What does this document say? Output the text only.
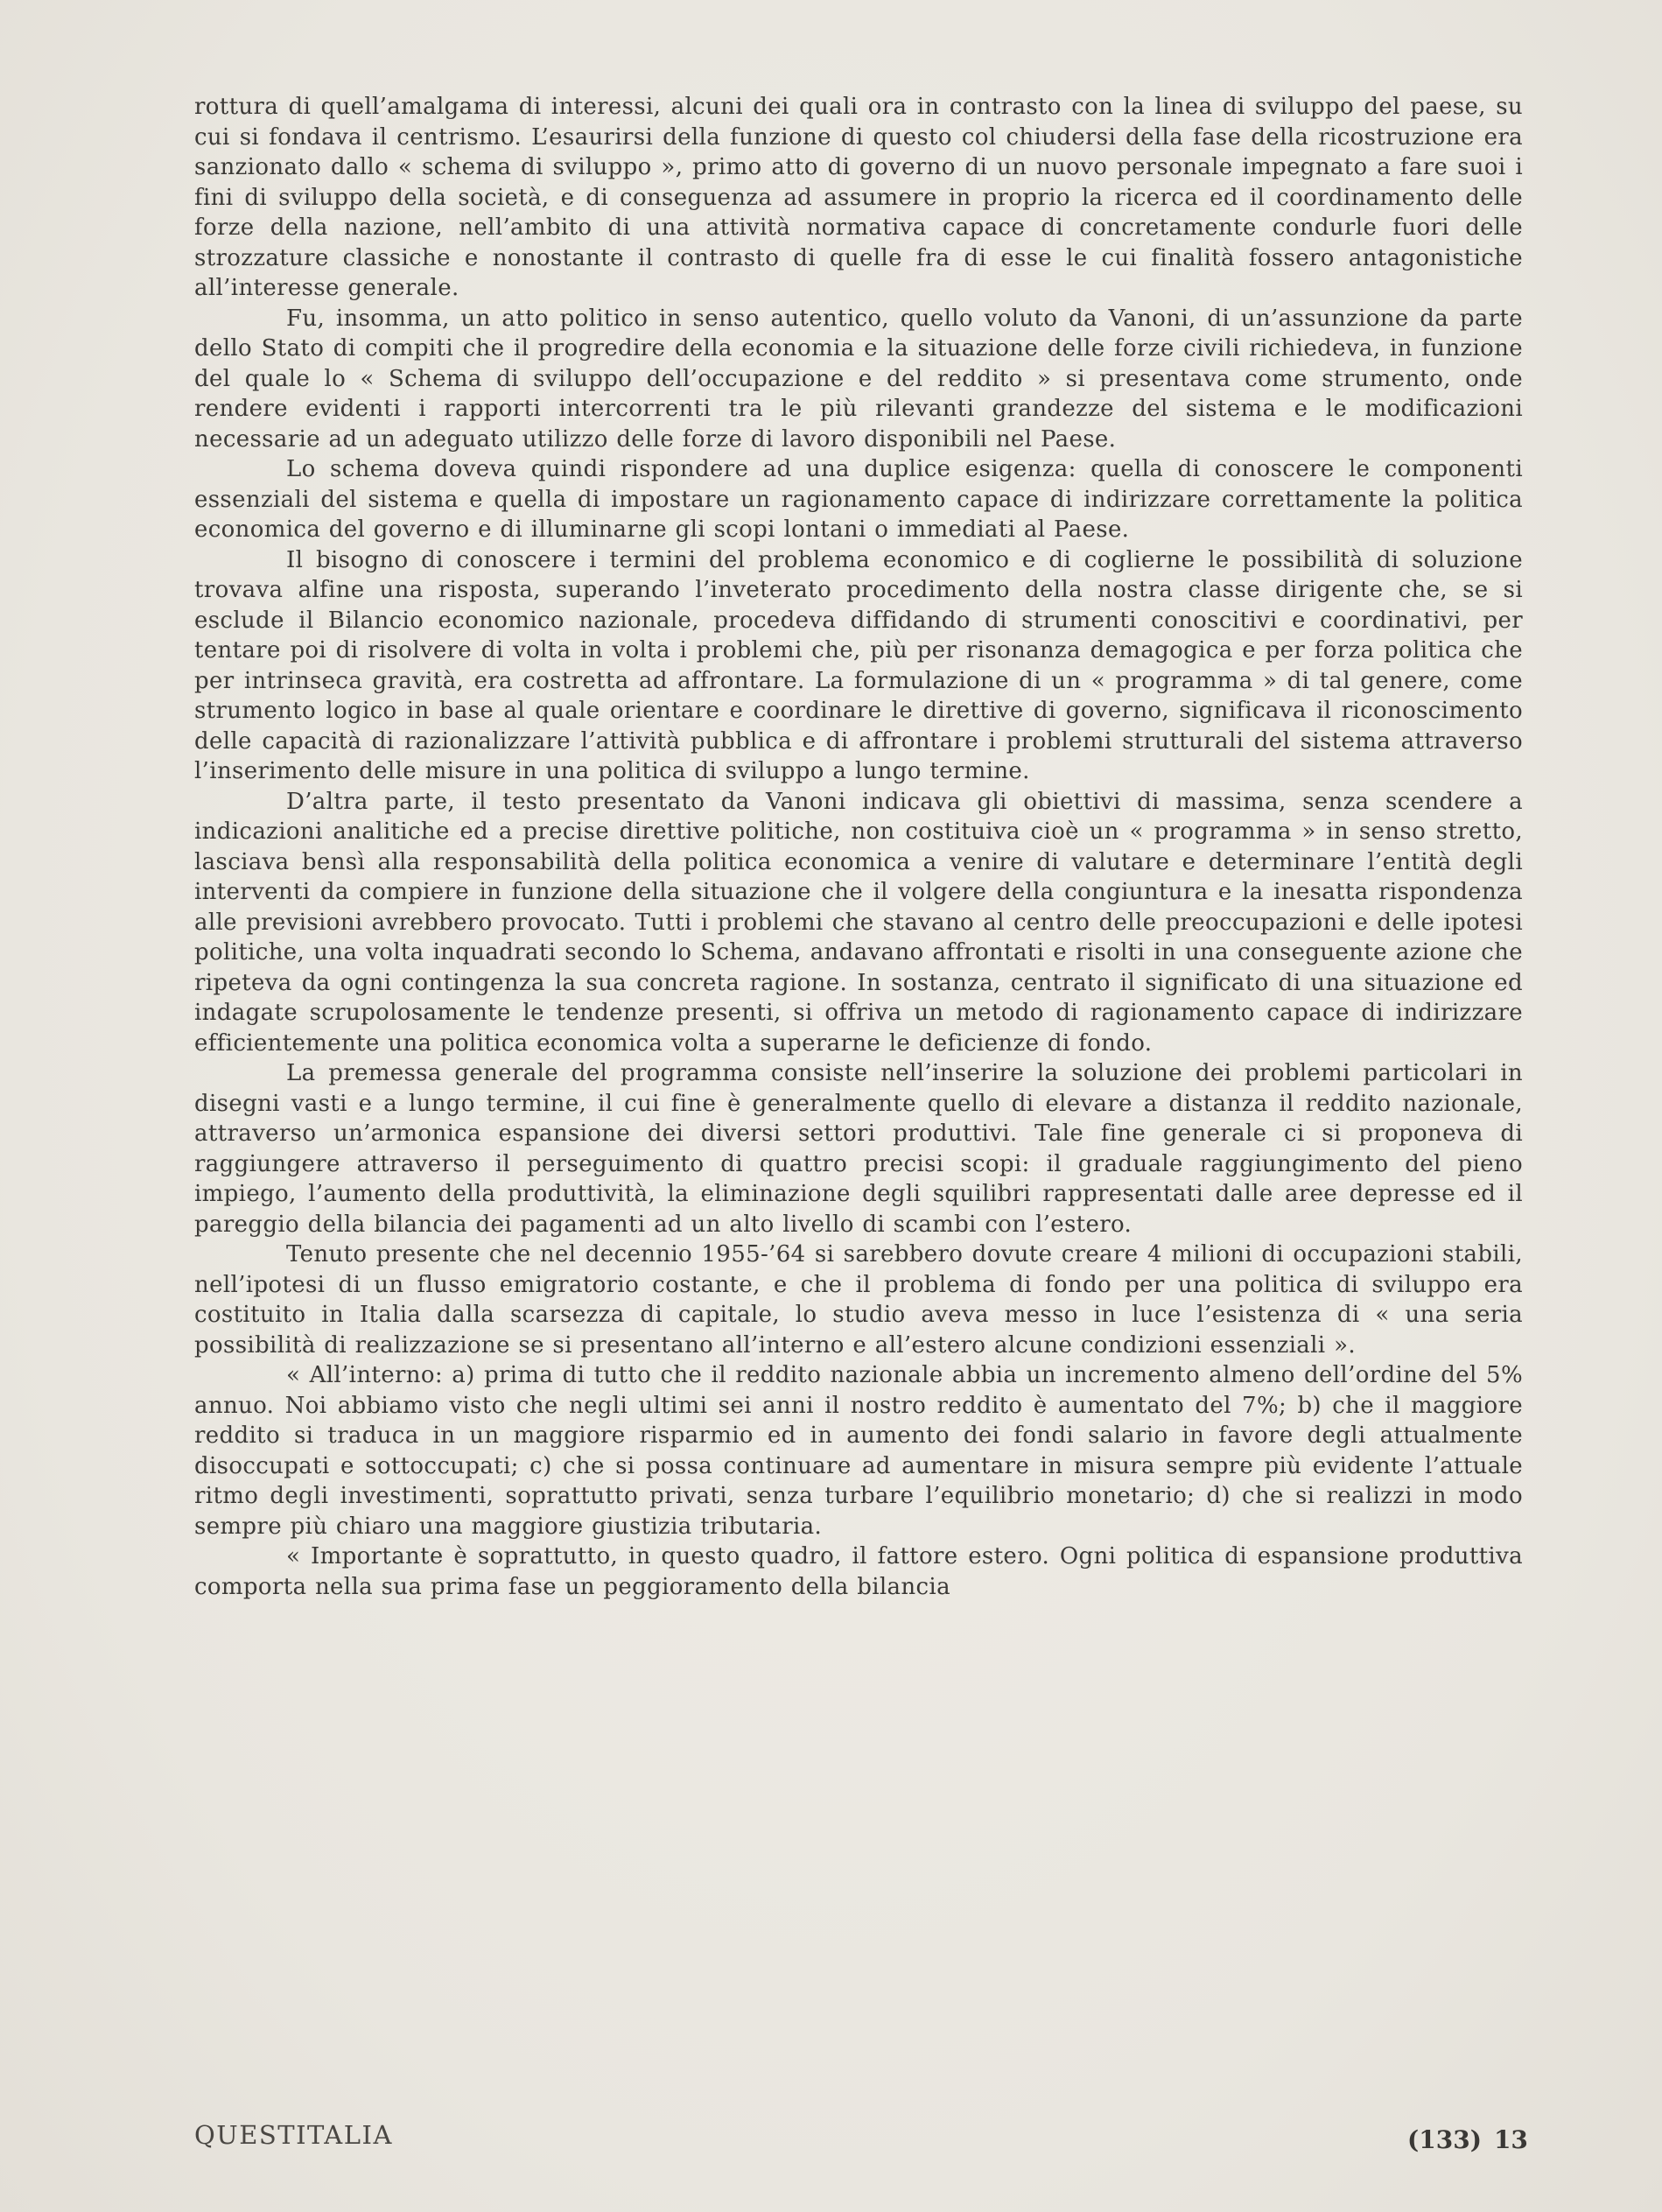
rottura di quell’amalgama di interessi, alcuni dei quali ora in contrasto con la linea di sviluppo del paese, su cui si fondava il centrismo. L’esaurirsi della funzione di questo col chiudersi della fase della ricostruzione era sanzionato dallo « schema di sviluppo », primo atto di governo di un nuovo personale impegnato a fare suoi i fini di sviluppo della società, e di conseguenza ad assumere in proprio la ricerca ed il coordinamento delle forze della nazione, nell’ambito di una attività normativa capace di concretamente condurle fuori delle strozzature classiche e nonostante il contrasto di quelle fra di esse le cui finalità fossero antagonistiche all’interesse generale.

Fu, insomma, un atto politico in senso autentico, quello voluto da Vanoni, di un’assunzione da parte dello Stato di compiti che il progredire della economia e la situazione delle forze civili richiedeva, in funzione del quale lo « Schema di sviluppo dell’occupazione e del reddito » si presentava come strumento, onde rendere evidenti i rapporti intercorrenti tra le più rilevanti grandezze del sistema e le modificazioni necessarie ad un adeguato utilizzo delle forze di lavoro disponibili nel Paese.

Lo schema doveva quindi rispondere ad una duplice esigenza: quella di conoscere le componenti essenziali del sistema e quella di impostare un ragionamento capace di indirizzare correttamente la politica economica del governo e di illuminarne gli scopi lontani o immediati al Paese.

Il bisogno di conoscere i termini del problema economico e di coglierne le possibilità di soluzione trovava alfine una risposta, superando l’inveterato procedimento della nostra classe dirigente che, se si esclude il Bilancio economico nazionale, procedeva diffidando di strumenti conoscitivi e coordinativi, per tentare poi di risolvere di volta in volta i problemi che, più per risonanza demagogica e per forza politica che per intrinseca gravità, era costretta ad affrontare. La formulazione di un « programma » di tal genere, come strumento logico in base al quale orientare e coordinare le direttive di governo, significava il riconoscimento delle capacità di razionalizzare l’attività pubblica e di affrontare i problemi strutturali del sistema attraverso l’inserimento delle misure in una politica di sviluppo a lungo termine.

D’altra parte, il testo presentato da Vanoni indicava gli obiettivi di massima, senza scendere a indicazioni analitiche ed a precise direttive politiche, non costituiva cioè un « programma » in senso stretto, lasciava bensì alla responsabilità della politica economica a venire di valutare e determinare l’entità degli interventi da compiere in funzione della situazione che il volgere della congiuntura e la inesatta rispondenza alle previsioni avrebbero provocato. Tutti i problemi che stavano al centro delle preoccupazioni e delle ipotesi politiche, una volta inquadrati secondo lo Schema, andavano affrontati e risolti in una conseguente azione che ripeteva da ogni contingenza la sua concreta ragione. In sostanza, centrato il significato di una situazione ed indagate scrupolosamente le tendenze presenti, si offriva un metodo di ragionamento capace di indirizzare efficientemente una politica economica volta a superarne le deficienze di fondo.

La premessa generale del programma consiste nell’inserire la soluzione dei problemi particolari in disegni vasti e a lungo termine, il cui fine è generalmente quello di elevare a distanza il reddito nazionale, attraverso un’armonica espansione dei diversi settori produttivi. Tale fine generale ci si proponeva di raggiungere attraverso il perseguimento di quattro precisi scopi: il graduale raggiungimento del pieno impiego, l’aumento della produttività, la eliminazione degli squilibri rappresentati dalle aree depresse ed il pareggio della bilancia dei pagamenti ad un alto livello di scambi con l’estero.

Tenuto presente che nel decennio 1955-’64 si sarebbero dovute creare 4 milioni di occupazioni stabili, nell’ipotesi di un flusso emigratorio costante, e che il problema di fondo per una politica di sviluppo era costituito in Italia dalla scarsezza di capitale, lo studio aveva messo in luce l’esistenza di « una seria possibilità di realizzazione se si presentano all’interno e all’estero alcune condizioni essenziali ».

« All’interno: a) prima di tutto che il reddito nazionale abbia un incremento almeno dell’ordine del 5% annuo. Noi abbiamo visto che negli ultimi sei anni il nostro reddito è aumentato del 7%; b) che il maggiore reddito si traduca in un maggiore risparmio ed in aumento dei fondi salario in favore degli attualmente disoccupati e sottoccupati; c) che si possa continuare ad aumentare in misura sempre più evidente l’attuale ritmo degli investimenti, soprattutto privati, senza turbare l’equilibrio monetario; d) che si realizzi in modo sempre più chiaro una maggiore giustizia tributaria.

« Importante è soprattutto, in questo quadro, il fattore estero. Ogni politica di espansione produttiva comporta nella sua prima fase un peggioramento della bilancia

QUESTITALIA	(133) 13
